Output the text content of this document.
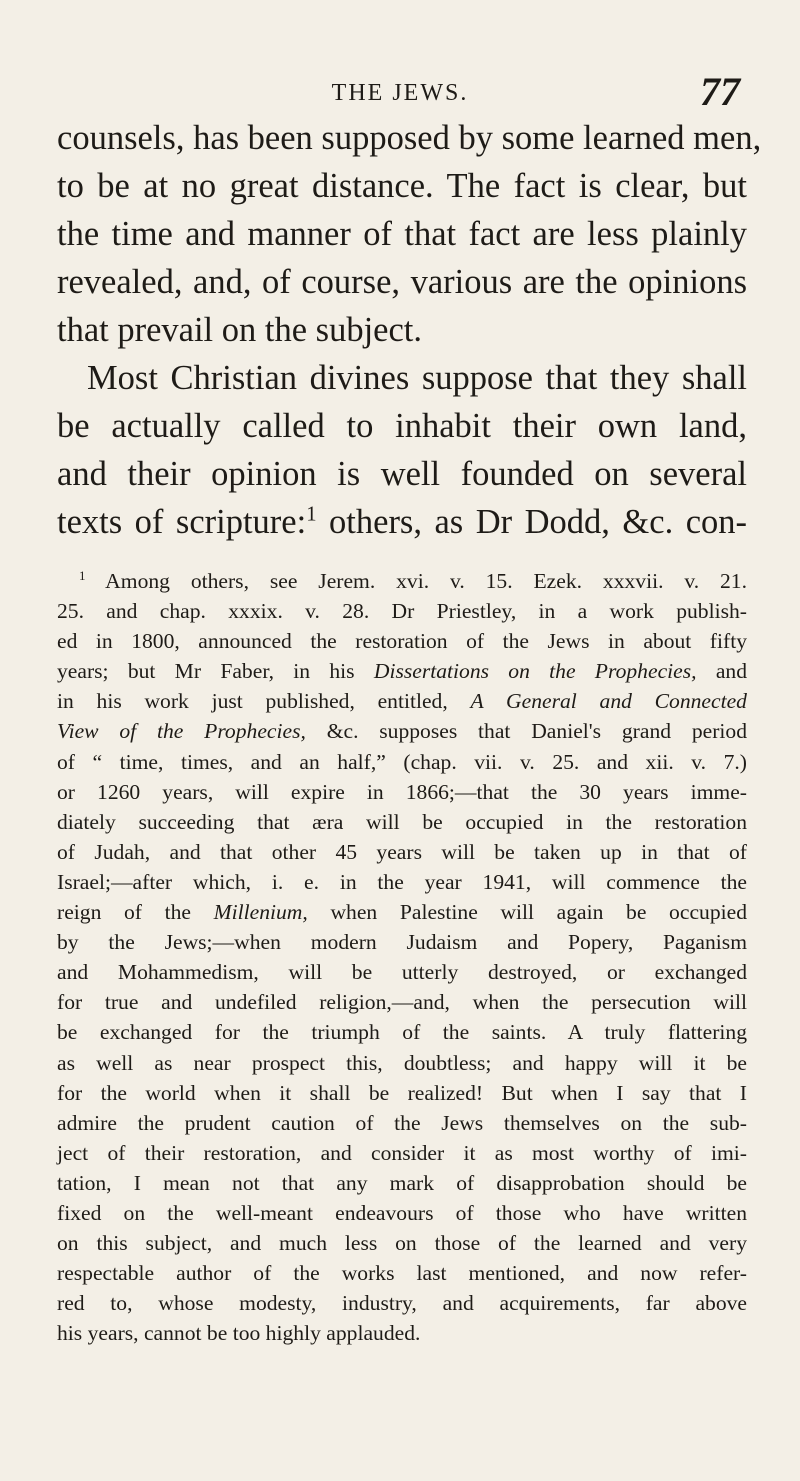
THE JEWS.	77
counsels, has been supposed by some learned men,
to be at no great distance. The fact is clear, but
the time and manner of that fact are less plainly
revealed, and, of course, various are the opinions
that prevail on the subject.
Most Christian divines suppose that they shall
be actually called to inhabit their own land,
and their opinion is well founded on several
texts of scripture:$^1$ others, as Dr Dodd, &c. con-
$^1$ Among others, see Jerem. xvi. v. 15. Ezek. xxxvii. v. 21.
25. and chap. xxxix. v. 28. Dr Priestley, in a work publish-
ed in 1800, announced the restoration of the Jews in about fifty
years; but Mr Faber, in his Dissertations on the Prophecies, and
in his work just published, entitled, A General and Connected
View of the Prophecies, &c. supposes that Daniel's grand period
of “ time, times, and an half,” (chap. vii. v. 25. and xii. v. 7.)
or 1260 years, will expire in 1866;—that the 30 years imme-
diately succeeding that æra will be occupied in the restoration
of Judah, and that other 45 years will be taken up in that of
Israel;—after which, i. e. in the year 1941, will commence the
reign of the Millenium, when Palestine will again be occupied
by the Jews;—when modern Judaism and Popery, Paganism
and Mohammedism, will be utterly destroyed, or exchanged
for true and undefiled religion,—and, when the persecution will
be exchanged for the triumph of the saints. A truly flattering
as well as near prospect this, doubtless; and happy will it be
for the world when it shall be realized! But when I say that I
admire the prudent caution of the Jews themselves on the sub-
ject of their restoration, and consider it as most worthy of imi-
tation, I mean not that any mark of disapprobation should be
fixed on the well-meant endeavours of those who have written
on this subject, and much less on those of the learned and very
respectable author of the works last mentioned, and now refer-
red to, whose modesty, industry, and acquirements, far above
his years, cannot be too highly applauded.
